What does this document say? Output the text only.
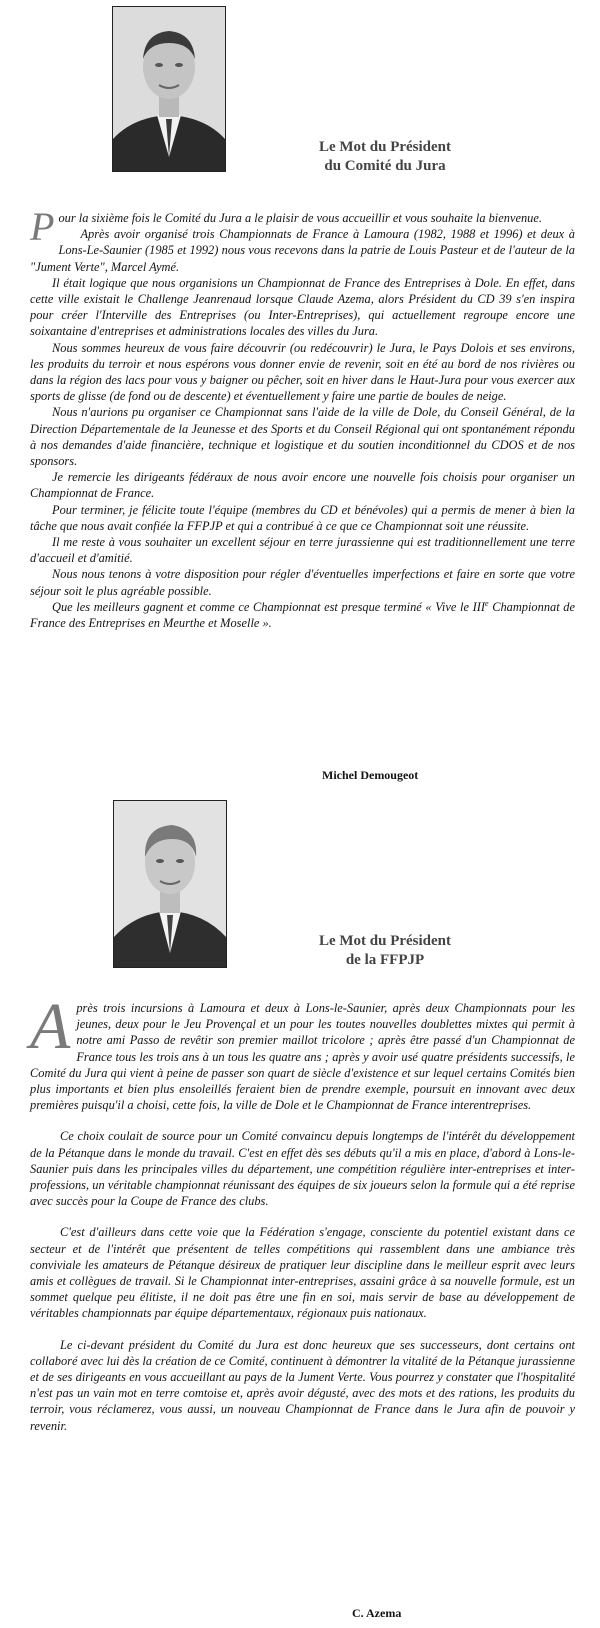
Le Mot du Président
du Comité du Jura

Pour la sixième fois le Comité du Jura a le plaisir de vous accueillir et vous souhaite la bienvenue.

Après avoir organisé trois Championnats de France à Lamoura (1982, 1988 et 1996) et deux à Lons-Le-Saunier (1985 et 1992) nous vous recevons dans la patrie de Louis Pasteur et de l'auteur de la "Jument Verte", Marcel Aymé.

Il était logique que nous organisions un Championnat de France des Entreprises à Dole. En effet, dans cette ville existait le Challenge Jeanrenaud lorsque Claude Azema, alors Président du CD 39 s'en inspira pour créer l'Interville des Entreprises (ou Inter-Entreprises), qui actuellement regroupe encore une soixantaine d'entreprises et administrations locales des villes du Jura.

Nous sommes heureux de vous faire découvrir (ou redécouvrir) le Jura, le Pays Dolois et ses environs, les produits du terroir et nous espérons vous donner envie de revenir, soit en été au bord de nos rivières ou dans la région des lacs pour vous y baigner ou pêcher, soit en hiver dans le Haut-Jura pour vous exercer aux sports de glisse (de fond ou de descente) et éventuellement y faire une partie de boules de neige.

Nous n'aurions pu organiser ce Championnat sans l'aide de la ville de Dole, du Conseil Général, de la Direction Départementale de la Jeunesse et des Sports et du Conseil Régional qui ont spontanément répondu à nos demandes d'aide financière, technique et logistique et du soutien inconditionnel du CDOS et de nos sponsors.

Je remercie les dirigeants fédéraux de nous avoir encore une nouvelle fois choisis pour organiser un Championnat de France.

Pour terminer, je félicite toute l'équipe (membres du CD et bénévoles) qui a permis de mener à bien la tâche que nous avait confiée la FFPJP et qui a contribué à ce que ce Championnat soit une réussite.

Il me reste à vous souhaiter un excellent séjour en terre jurassienne qui est traditionnellement une terre d'accueil et d'amitié.

Nous nous tenons à votre disposition pour régler d'éventuelles imperfections et faire en sorte que votre séjour soit le plus agréable possible.

Que les meilleurs gagnent et comme ce Championnat est presque terminé « Vive le IIIe Championnat de France des Entreprises en Meurthe et Moselle ».

Michel Demougeot
Le Mot du Président
de la FFPJP

Après trois incursions à Lamoura et deux à Lons-le-Saunier, après deux Championnats pour les jeunes, deux pour le Jeu Provençal et un pour les toutes nouvelles doublettes mixtes qui permit à notre ami Passo de revêtir son premier maillot tricolore ; après être passé d'un Championnat de France tous les trois ans à un tous les quatre ans ; après y avoir usé quatre présidents successifs, le Comité du Jura qui vient à peine de passer son quart de siècle d'existence et sur lequel certains Comités bien plus importants et bien plus ensoleillés feraient bien de prendre exemple, poursuit en innovant avec deux premières puisqu'il a choisi, cette fois, la ville de Dole et le Championnat de France interentreprises.

Ce choix coulait de source pour un Comité convaincu depuis longtemps de l'intérêt du développement de la Pétanque dans le monde du travail. C'est en effet dès ses débuts qu'il a mis en place, d'abord à Lons-le-Saunier puis dans les principales villes du département, une compétition régulière inter-entreprises et inter-professions, un véritable championnat réunissant des équipes de six joueurs selon la formule qui a été reprise avec succès pour la Coupe de France des clubs.

C'est d'ailleurs dans cette voie que la Fédération s'engage, consciente du potentiel existant dans ce secteur et de l'intérêt que présentent de telles compétitions qui rassemblent dans une ambiance très conviviale les amateurs de Pétanque désireux de pratiquer leur discipline dans le meilleur esprit avec leurs amis et collègues de travail. Si le Championnat inter-entreprises, assaini grâce à sa nouvelle formule, est un sommet quelque peu élitiste, il ne doit pas être une fin en soi, mais servir de base au développement de véritables championnats par équipe départementaux, régionaux puis nationaux.

Le ci-devant président du Comité du Jura est donc heureux que ses successeurs, dont certains ont collaboré avec lui dès la création de ce Comité, continuent à démontrer la vitalité de la Pétanque jurassienne et de ses dirigeants en vous accueillant au pays de la Jument Verte. Vous pourrez y constater que l'hospitalité n'est pas un vain mot en terre comtoise et, après avoir dégusté, avec des mots et des rations, les produits du terroir, vous réclamerez, vous aussi, un nouveau Championnat de France dans le Jura afin de pouvoir y revenir.

C. Azema
